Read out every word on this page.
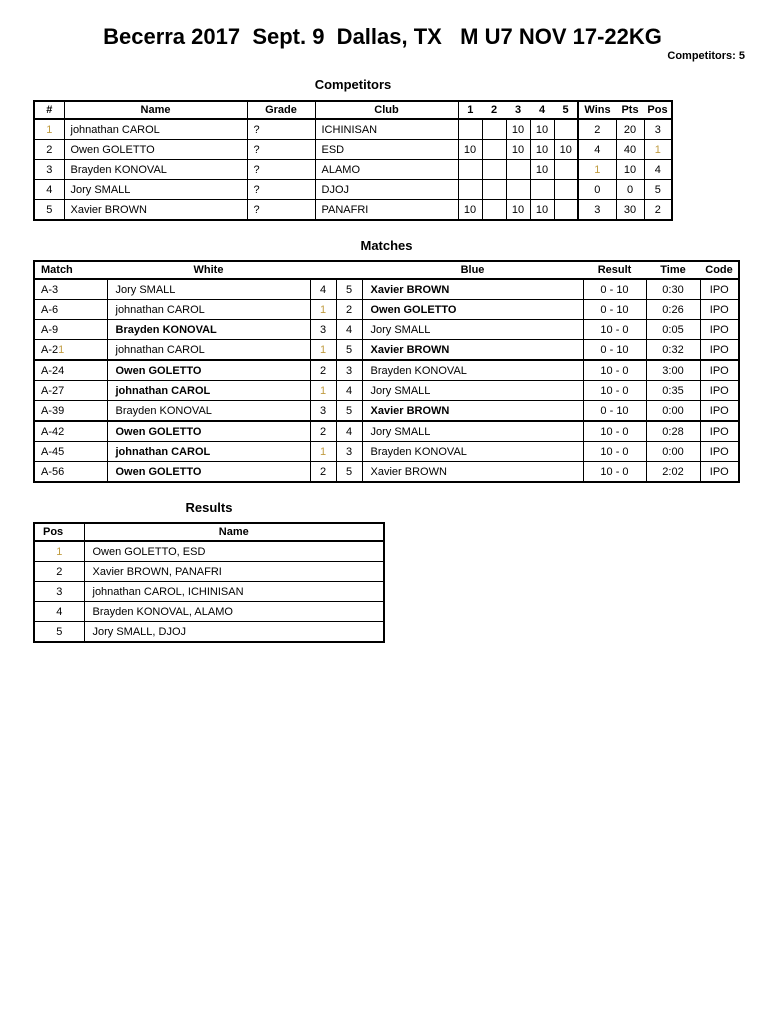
Becerra 2017  Sept. 9  Dallas, TX   M U7 NOV 17-22KG
Competitors: 5
Competitors
#	Name	Grade	Club	1	2	3	4	5	Wins	Pts	Pos
1	johnathan CAROL	?	ICHINISAN			10	10		2	20	3
2	Owen GOLETTO	?	ESD	10		10	10	10	4	40	1
3	Brayden KONOVAL	?	ALAMO				10		1	10	4
4	Jory SMALL	?	DJOJ						0	0	5
5	Xavier BROWN	?	PANAFRI	10		10	10		3	30	2
Matches
Match	White			Blue	Result	Time	Code
A-3	Jory SMALL	4	5	Xavier BROWN	0 - 10	0:30	IPO
A-6	johnathan CAROL	1	2	Owen GOLETTO	0 - 10	0:26	IPO
A-9	Brayden KONOVAL	3	4	Jory SMALL	10 - 0	0:05	IPO
A-21	johnathan CAROL	1	5	Xavier BROWN	0 - 10	0:32	IPO
A-24	Owen GOLETTO	2	3	Brayden KONOVAL	10 - 0	3:00	IPO
A-27	johnathan CAROL	1	4	Jory SMALL	10 - 0	0:35	IPO
A-39	Brayden KONOVAL	3	5	Xavier BROWN	0 - 10	0:00	IPO
A-42	Owen GOLETTO	2	4	Jory SMALL	10 - 0	0:28	IPO
A-45	johnathan CAROL	1	3	Brayden KONOVAL	10 - 0	0:00	IPO
A-56	Owen GOLETTO	2	5	Xavier BROWN	10 - 0	2:02	IPO
Results
Pos	Name
1	Owen GOLETTO, ESD
2	Xavier BROWN, PANAFRI
3	johnathan CAROL, ICHINISAN
4	Brayden KONOVAL, ALAMO
5	Jory SMALL, DJOJ
